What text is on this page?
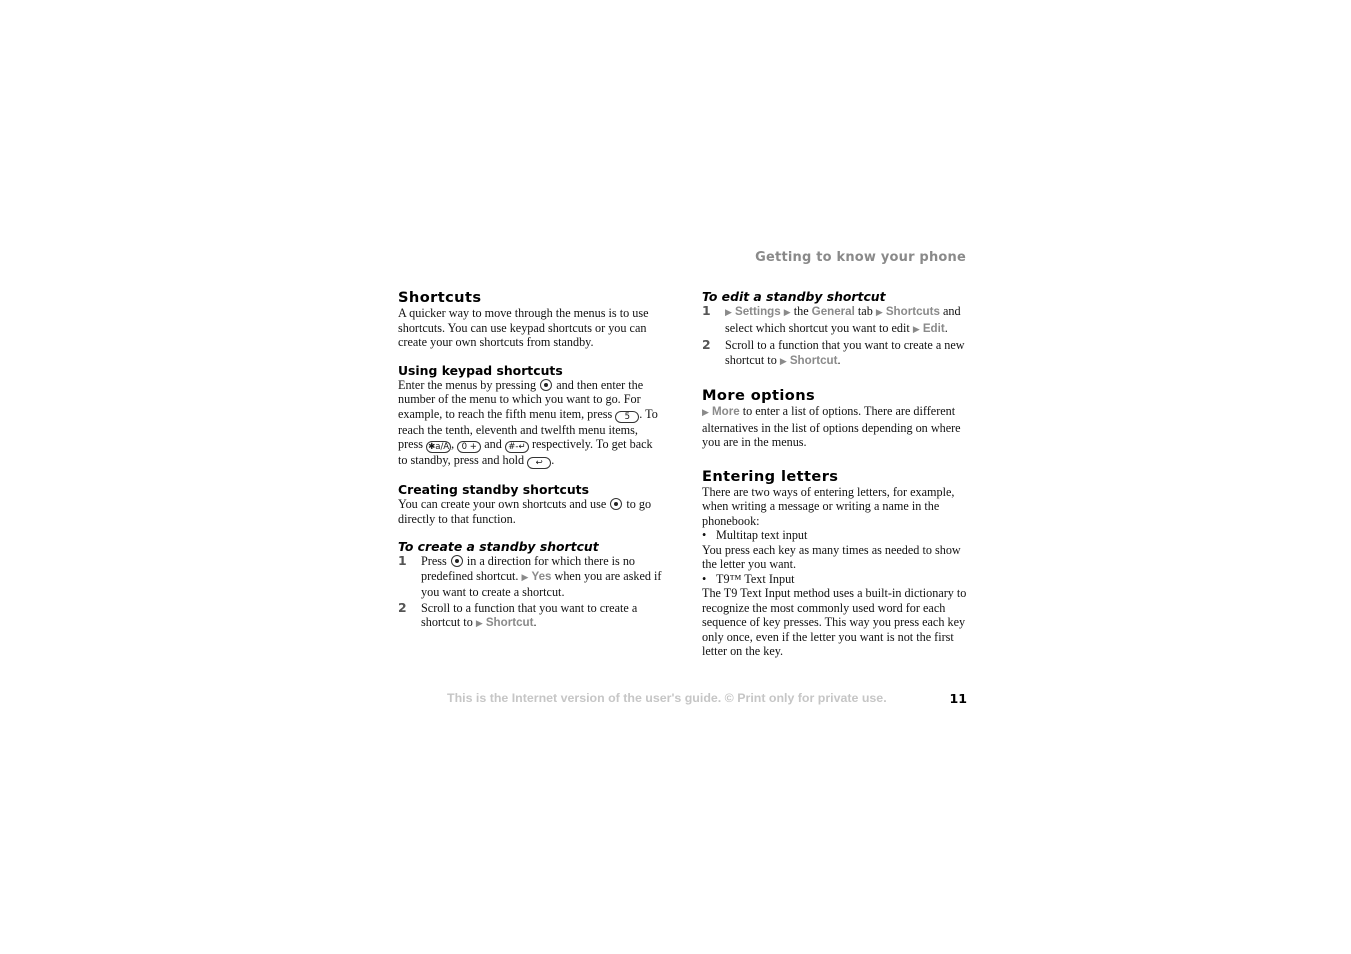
Getting to know your phone
Shortcuts

A quicker way to move through the menus is to use shortcuts. You can use keypad shortcuts or you can create your own shortcuts from standby.

Using keypad shortcuts

Enter the menus by pressing  and then enter the number of the menu to which you want to go. For example, to reach the fifth menu item, press 5 . To reach the tenth, eleventh and twelfth menu items, press ✱a/A , 0 + and #-↵ respectively. To get back to standby, press and hold ↩ .

Creating standby shortcuts

You can create your own shortcuts and use  to go directly to that function.

To create a standby shortcut
1	Press  in a direction for which there is no predefined shortcut. ▶ Yes when you are asked if you want to create a shortcut.
2	Scroll to a function that you want to create a shortcut to ▶ Shortcut.
To edit a standby shortcut
1	▶ Settings ▶ the General tab ▶ Shortcuts and select which shortcut you want to edit ▶ Edit.
2	Scroll to a function that you want to create a new shortcut to ▶ Shortcut.
More options

▶ More to enter a list of options. There are different alternatives in the list of options depending on where you are in the menus.

Entering letters

There are two ways of entering letters, for example, when writing a message or writing a name in the phonebook:

• Multitap text input

You press each key as many times as needed to show the letter you want.

• T9™ Text Input

The T9 Text Input method uses a built-in dictionary to recognize the most commonly used word for each sequence of key presses. This way you press each key only once, even if the letter you want is not the first letter on the key.

This is the Internet version of the user's guide. © Print only for private use.	11
